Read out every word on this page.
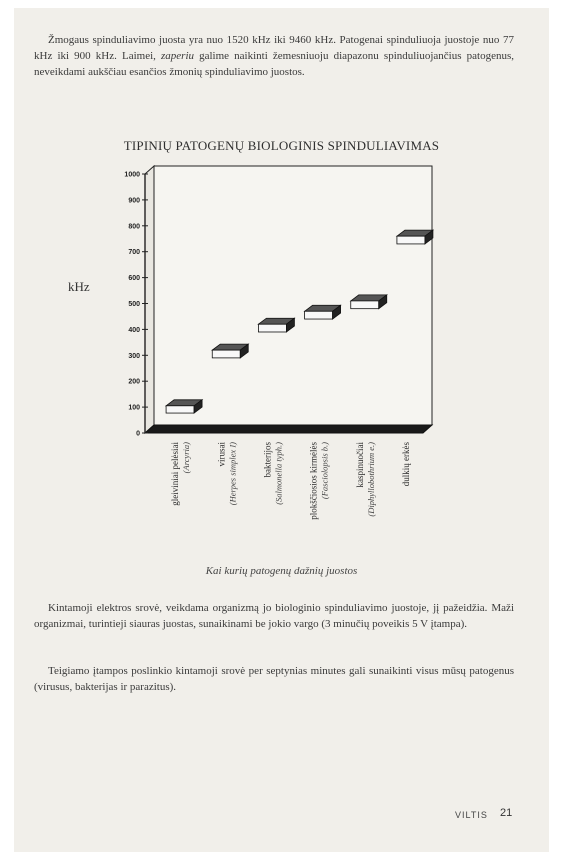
Žmogaus spinduliavimo juosta yra nuo 1520 kHz iki 9460 kHz. Patogenai spinduliuoja juostoje nuo 77 kHz iki 900 kHz. Laimei, zaperiu galime naikinti žemesniuoju diapazonu spinduliuojančius patogenus, neveikdami aukščiau esančios žmonių spinduliavimo juostos.

TIPINIŲ PATOGENŲ BIOLOGINIS SPINDULIAVIMAS
kHz
0
100
200
300
400
500
600
700
800
900
1000
gleiviniai pelėsiai (Arcyria)	virusai (Herpes simplex I)	bakterijos (Salmonella typh.)	plokščiosios kirmėlės (Fasciolopsis b.)	kaspinuočiai (Diphyllobothrium e.)	dulkių erkės
Kai kurių patogenų dažnių juostos

Kintamoji elektros srovė, veikdama organizmą jo biologinio spinduliavimo juostoje, jį pažeidžia. Maži organizmai, turintieji siauras juostas, sunaikinami be jokio vargo (3 minučių poveikis 5 V įtampa).

Teigiamo įtampos poslinkio kintamoji srovė per septynias minutes gali sunaikinti visus mūsų patogenus (virusus, bakterijas ir parazitus).

VILTIS 21
